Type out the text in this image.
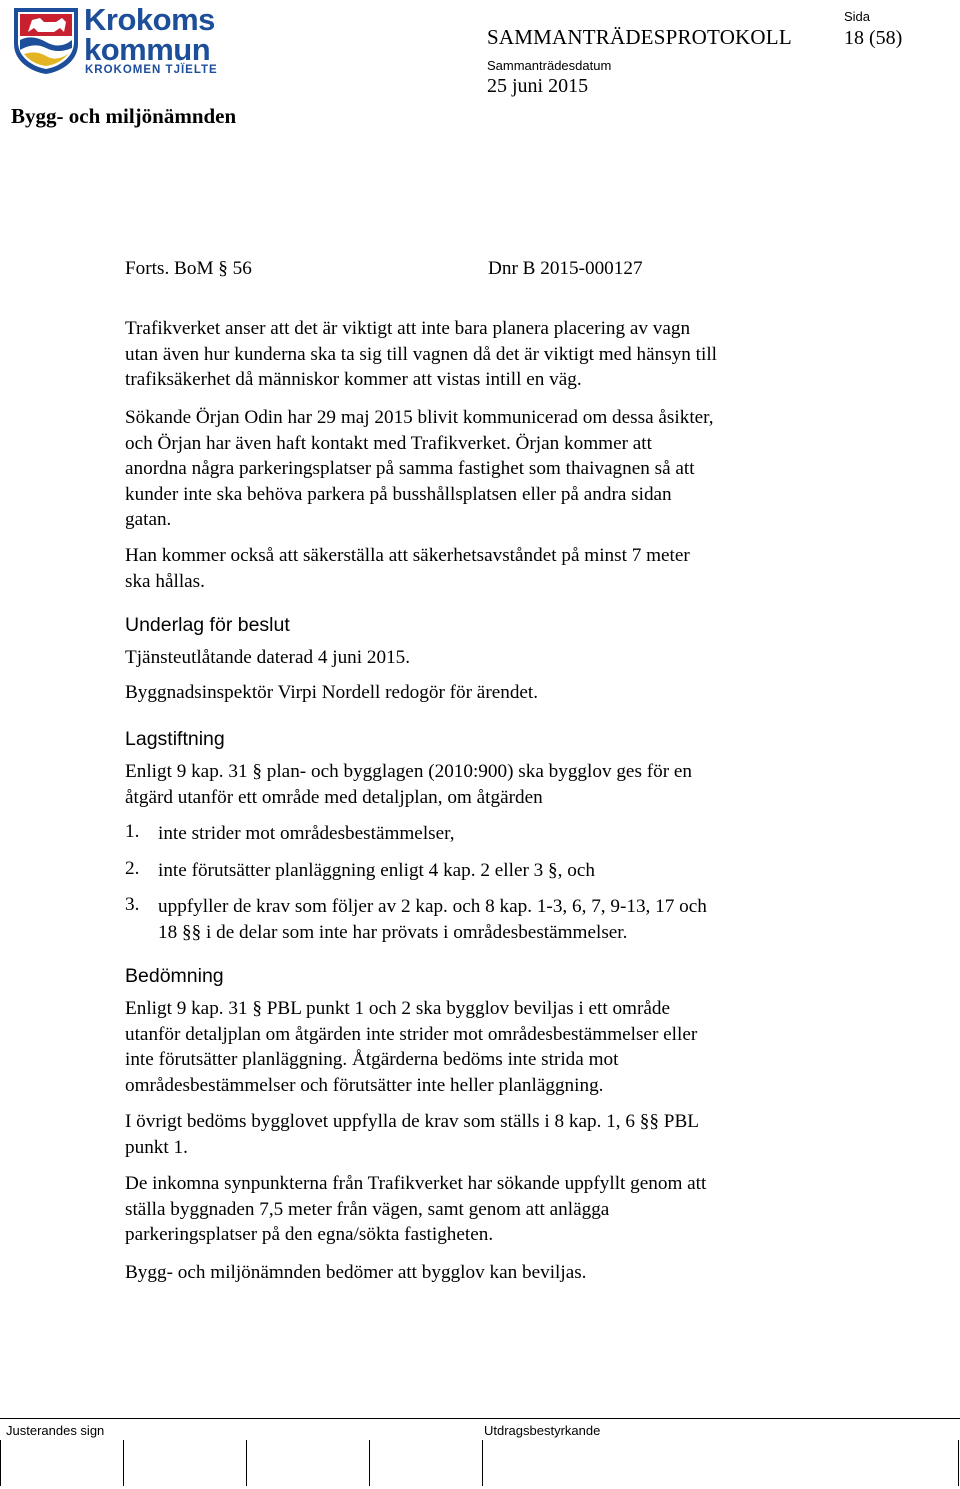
Krokoms
kommun
KROKOMEN TJÏELTE
Bygg- och miljönämnden
SAMMANTRÄDESPROTOKOLL
Sida
18 (58)
Sammanträdesdatum
25 juni 2015
Forts. BoM § 56	Dnr B 2015-000127
Trafikverket anser att det är viktigt att inte bara planera placering av vagn
utan även hur kunderna ska ta sig till vagnen då det är viktigt med hänsyn till
trafiksäkerhet då människor kommer att vistas intill en väg.
Sökande Örjan Odin har 29 maj 2015 blivit kommunicerad om dessa åsikter,
och Örjan har även haft kontakt med Trafikverket. Örjan kommer att
anordna några parkeringsplatser på samma fastighet som thaivagnen så att
kunder inte ska behöva parkera på busshållsplatsen eller på andra sidan
gatan.
Han kommer också att säkerställa att säkerhetsavståndet på minst 7 meter
ska hållas.
Underlag för beslut
Tjänsteutlåtande daterad 4 juni 2015.
Byggnadsinspektör Virpi Nordell redogör för ärendet.
Lagstiftning
Enligt 9 kap. 31 § plan- och bygglagen (2010:900) ska bygglov ges för en
åtgärd utanför ett område med detaljplan, om åtgärden
1. inte strider mot områdesbestämmelser,
2. inte förutsätter planläggning enligt 4 kap. 2 eller 3 §, och
3. uppfyller de krav som följer av 2 kap. och 8 kap. 1-3, 6, 7, 9-13, 17 och
18 §§ i de delar som inte har prövats i områdesbestämmelser.
Bedömning
Enligt 9 kap. 31 § PBL punkt 1 och 2 ska bygglov beviljas i ett område
utanför detaljplan om åtgärden inte strider mot områdesbestämmelser eller
inte förutsätter planläggning. Åtgärderna bedöms inte strida mot
områdesbestämmelser och förutsätter inte heller planläggning.
I övrigt bedöms bygglovet uppfylla de krav som ställs i 8 kap. 1, 6 §§ PBL
punkt 1.
De inkomna synpunkterna från Trafikverket har sökande uppfyllt genom att
ställa byggnaden 7,5 meter från vägen, samt genom att anlägga
parkeringsplatser på den egna/sökta fastigheten.
Bygg- och miljönämnden bedömer att bygglov kan beviljas.
Justerandes sign	Utdragsbestyrkande
